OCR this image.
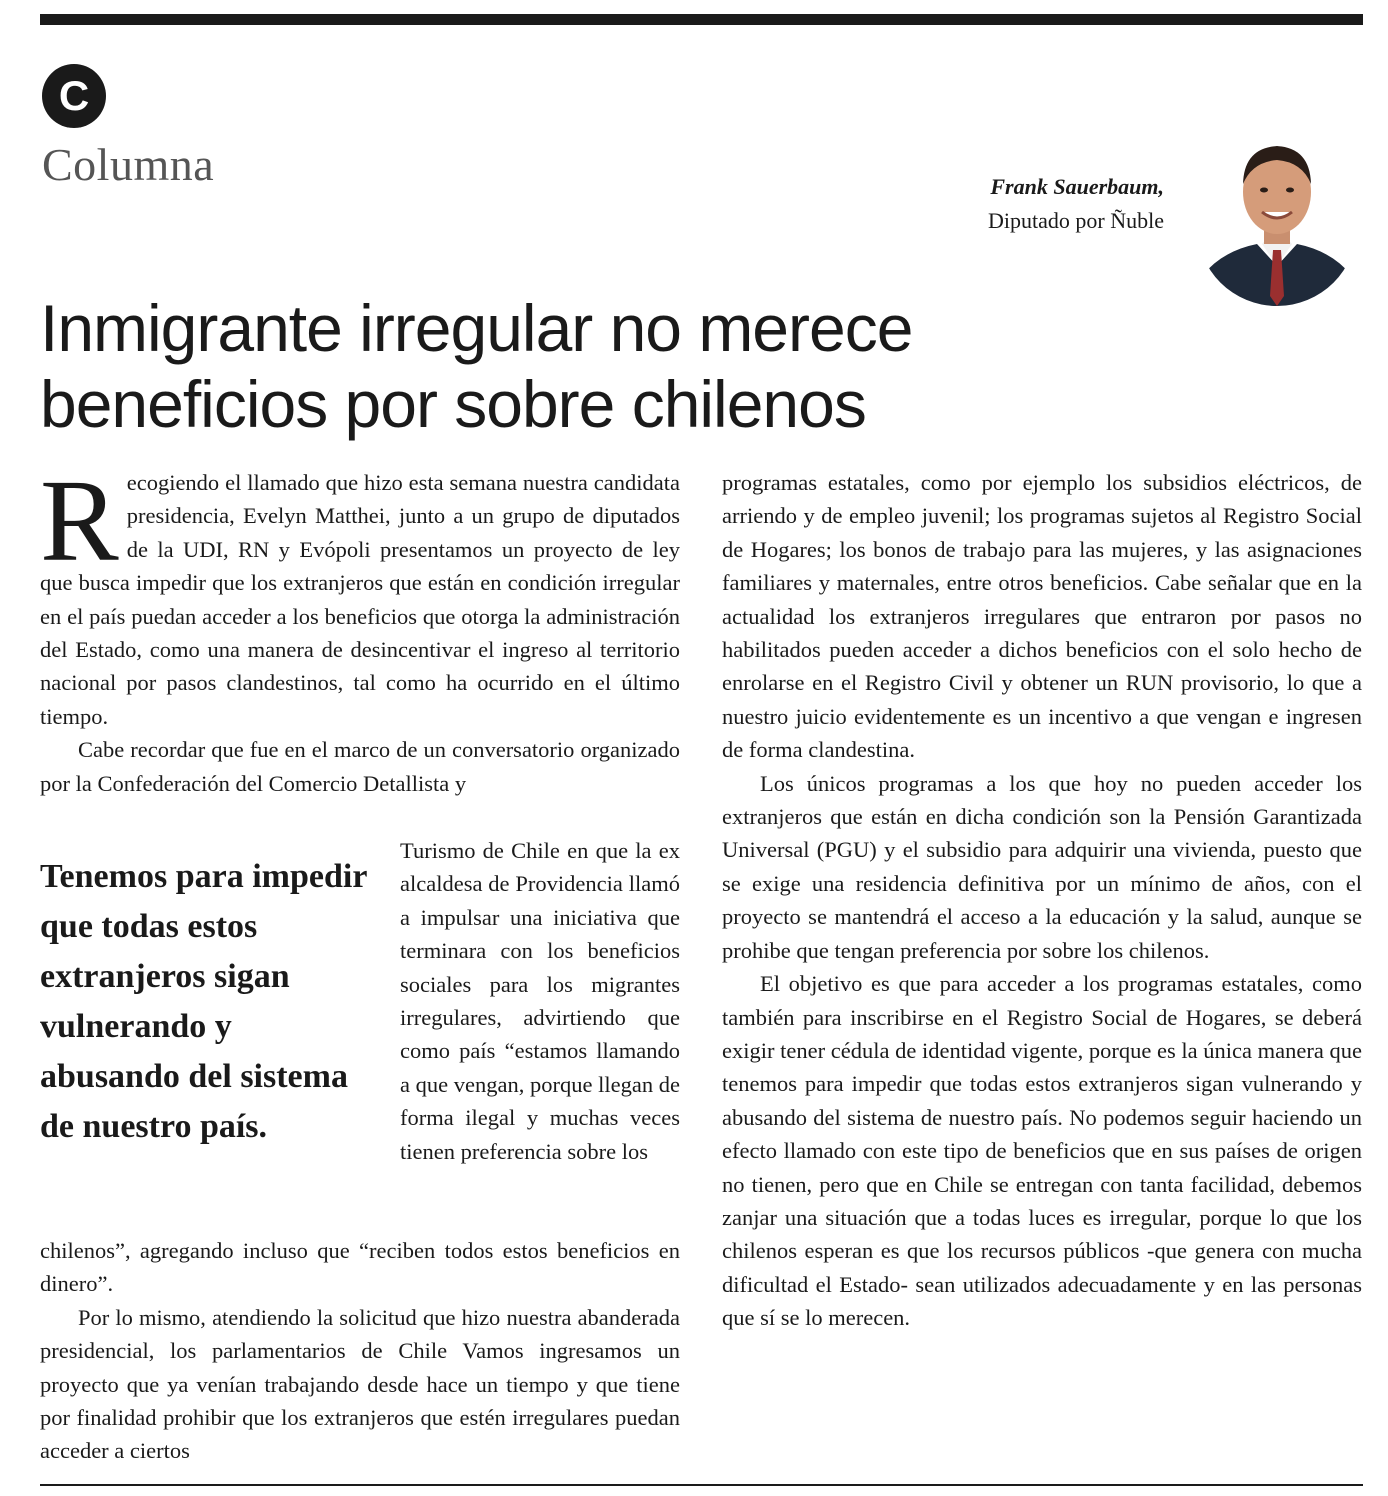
C
Columna	Frank Sauerbaum,
Diputado por Ñuble
Inmigrante irregular no merece beneficios por sobre chilenos

Recogiendo el llamado que hizo esta semana nuestra candidata presidencia, Evelyn Matthei, junto a un grupo de diputados de la UDI, RN y Evópoli presentamos un proyecto de ley que busca impedir que los extranjeros que están en condición irregular en el país puedan acceder a los beneficios que otorga la administración del Estado, como una manera de desincentivar el ingreso al territorio nacional por pasos clandestinos, tal como ha ocurrido en el último tiempo.

Cabe recordar que fue en el marco de un conversatorio organizado por la Confederación del Comercio Detallista y

Tenemos para impedir que todas estos extranjeros sigan vulnerando y abusando del sistema de nuestro país.

Turismo de Chile en que la ex alcaldesa de Providencia llamó a impulsar una iniciativa que terminara con los beneficios sociales para los migrantes irregulares, advirtiendo que como país “estamos llamando a que vengan, porque llegan de forma ilegal y muchas veces tienen preferencia sobre los

chilenos”, agregando incluso que “reciben todos estos beneficios en dinero”.

Por lo mismo, atendiendo la solicitud que hizo nuestra abanderada presidencial, los parlamentarios de Chile Vamos ingresamos un proyecto que ya venían trabajando desde hace un tiempo y que tiene por finalidad prohibir que los extranjeros que estén irregulares puedan acceder a ciertos

programas estatales, como por ejemplo los subsidios eléctricos, de arriendo y de empleo juvenil; los programas sujetos al Registro Social de Hogares; los bonos de trabajo para las mujeres, y las asignaciones familiares y maternales, entre otros beneficios. Cabe señalar que en la actualidad los extranjeros irregulares que entraron por pasos no habilitados pueden acceder a dichos beneficios con el solo hecho de enrolarse en el Registro Civil y obtener un RUN provisorio, lo que a nuestro juicio evidentemente es un incentivo a que vengan e ingresen de forma clandestina.

Los únicos programas a los que hoy no pueden acceder los extranjeros que están en dicha condición son la Pensión Garantizada Universal (PGU) y el subsidio para adquirir una vivienda, puesto que se exige una residencia definitiva por un mínimo de años, con el proyecto se mantendrá el acceso a la educación y la salud, aunque se prohibe que tengan preferencia por sobre los chilenos.

El objetivo es que para acceder a los programas estatales, como también para inscribirse en el Registro Social de Hogares, se deberá exigir tener cédula de identidad vigente, porque es la única manera que tenemos para impedir que todas estos extranjeros sigan vulnerando y abusando del sistema de nuestro país. No podemos seguir haciendo un efecto llamado con este tipo de beneficios que en sus países de origen no tienen, pero que en Chile se entregan con tanta facilidad, debemos zanjar una situación que a todas luces es irregular, porque lo que los chilenos esperan es que los recursos públicos -que genera con mucha dificultad el Estado- sean utilizados adecuadamente y en las personas que sí se lo merecen.
